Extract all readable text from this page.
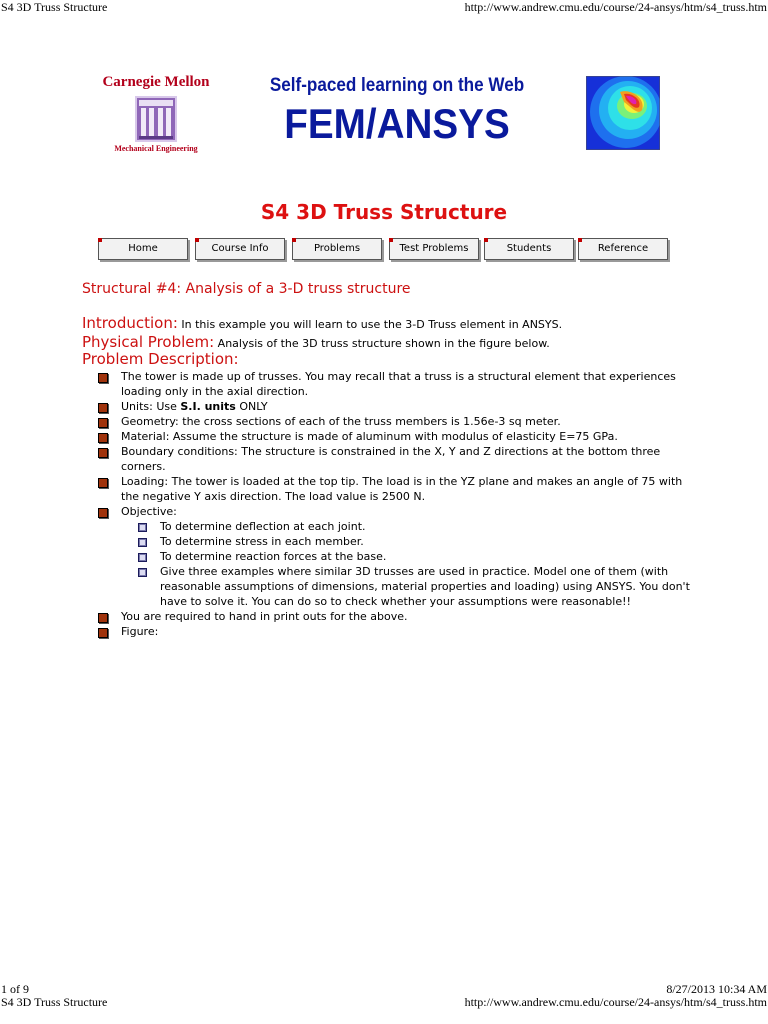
S4 3D Truss Structure	http://www.andrew.cmu.edu/course/24-ansys/htm/s4_truss.htm
Carnegie Mellon
Mechanical Engineering
Self-paced learning on the Web
FEM/ANSYS
S4 3D Truss Structure
Home	Course Info	Problems	Test Problems	Students	Reference
Structural #4: Analysis of a 3-D truss structure
Introduction: In this example you will learn to use the 3-D Truss element in ANSYS.
Physical Problem: Analysis of the 3D truss structure shown in the figure below.
Problem Description:
The tower is made up of trusses. You may recall that a truss is a structural element that experiences loading only in the axial direction.
Units: Use S.I. units ONLY
Geometry: the cross sections of each of the truss members is 1.56e-3 sq meter.
Material: Assume the structure is made of aluminum with modulus of elasticity E=75 GPa.
Boundary conditions: The structure is constrained in the X, Y and Z directions at the bottom three corners.
Loading: The tower is loaded at the top tip. The load is in the YZ plane and makes an angle of 75 with the negative Y axis direction. The load value is 2500 N.
Objective:
To determine deflection at each joint.
To determine stress in each member.
To determine reaction forces at the base.
Give three examples where similar 3D trusses are used in practice. Model one of them (with reasonable assumptions of dimensions, material properties and loading) using ANSYS. You don't have to solve it. You can do so to check whether your assumptions were reasonable!!
You are required to hand in print outs for the above.
Figure:
1 of 9	8/27/2013 10:34 AM
S4 3D Truss Structure	http://www.andrew.cmu.edu/course/24-ansys/htm/s4_truss.htm
